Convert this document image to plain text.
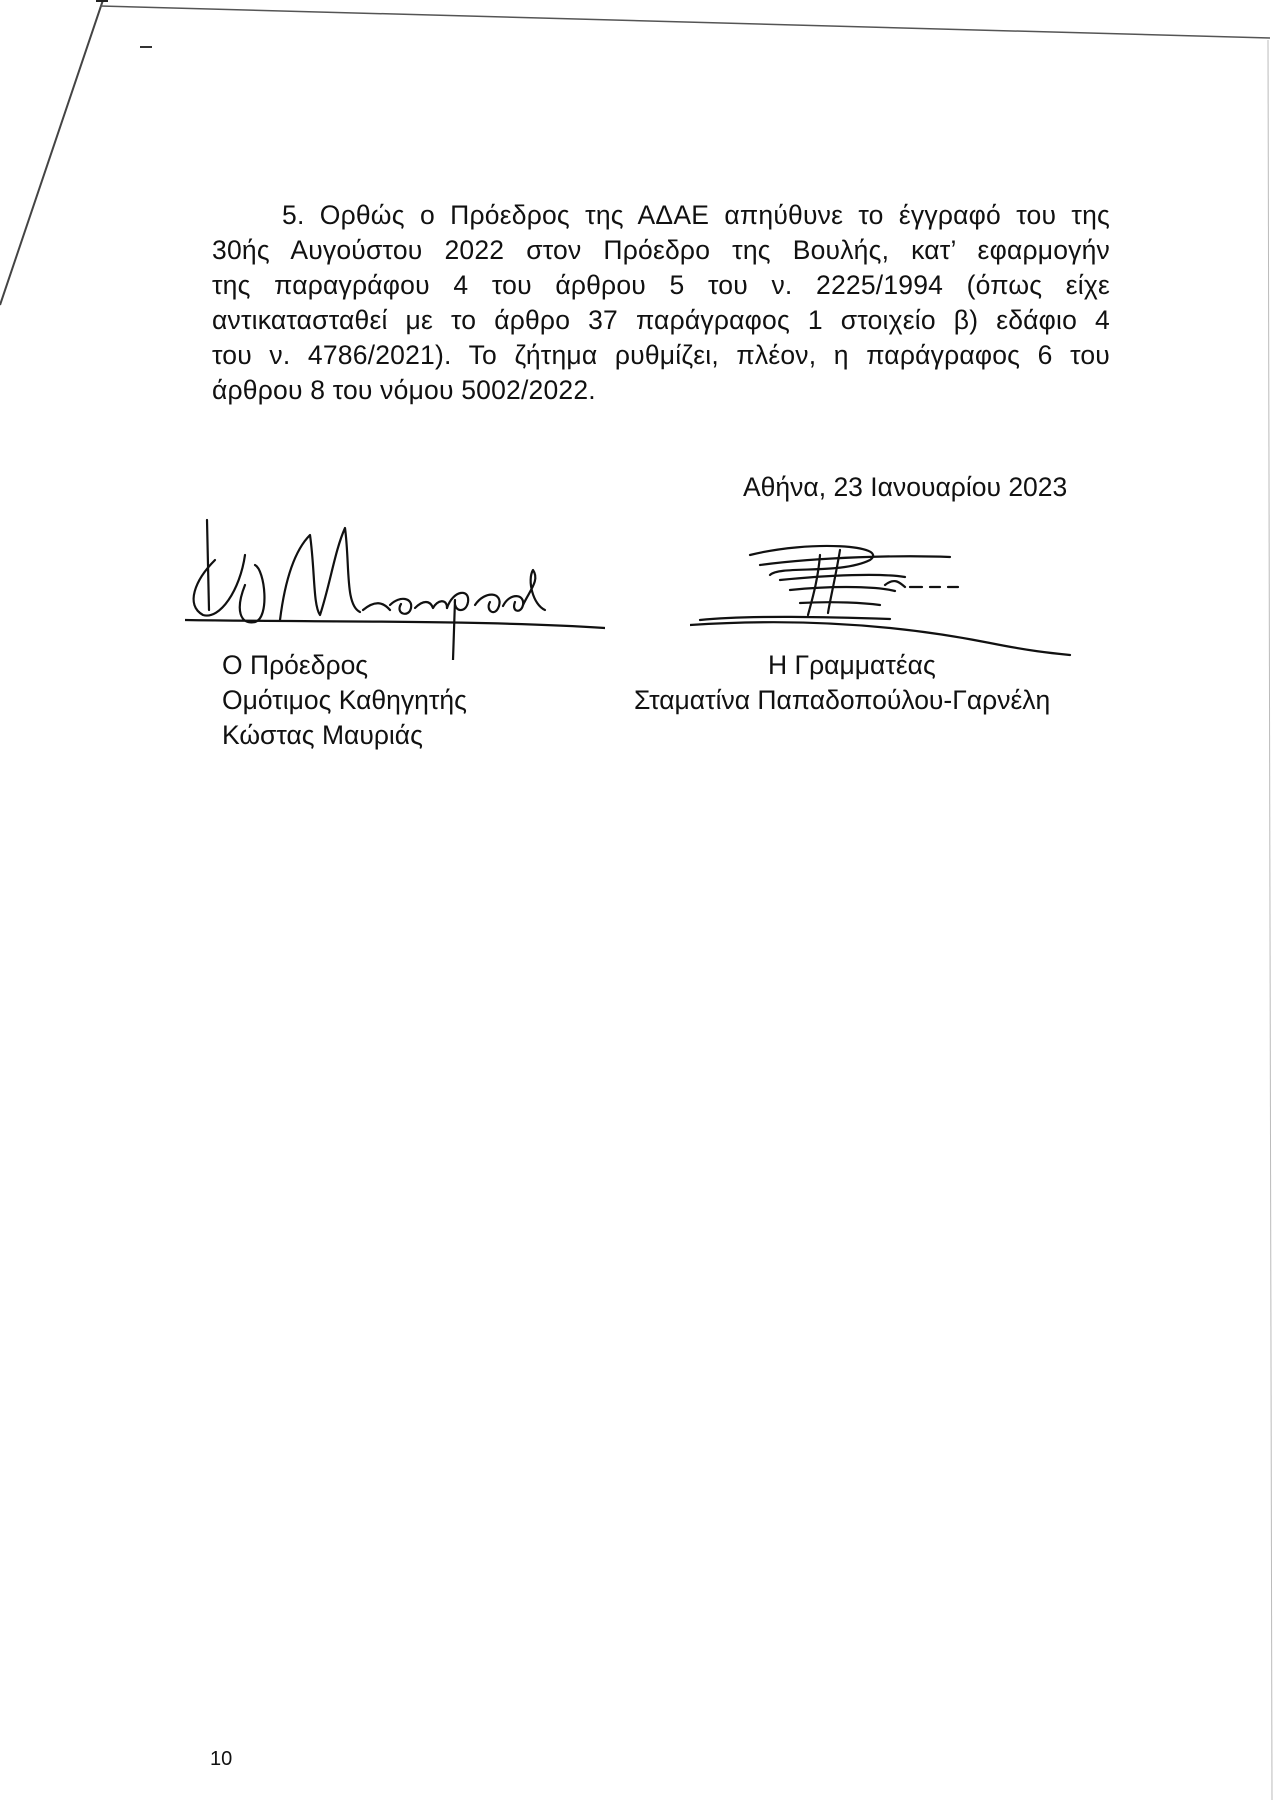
5. Ορθώς ο Πρόεδρος της ΑΔΑΕ απηύθυνε το έγγραφό του της
30ής Αυγούστου 2022 στον Πρόεδρο της Βουλής, κατ’ εφαρμογήν
της παραγράφου 4 του άρθρου 5 του ν. 2225/1994 (όπως είχε
αντικατασταθεί με το άρθρο 37 παράγραφος 1 στοιχείο β) εδάφιο 4
του ν. 4786/2021). Το ζήτημα ρυθμίζει, πλέον, η παράγραφος 6 του
άρθρου 8 του νόμου 5002/2022.
Αθήνα, 23 Ιανουαρίου 2023
Ο Πρόεδρος
Ομότιμος Καθηγητής
Κώστας Μαυριάς
Η Γραμματέας
Σταματίνα Παπαδοπούλου-Γαρνέλη
10
